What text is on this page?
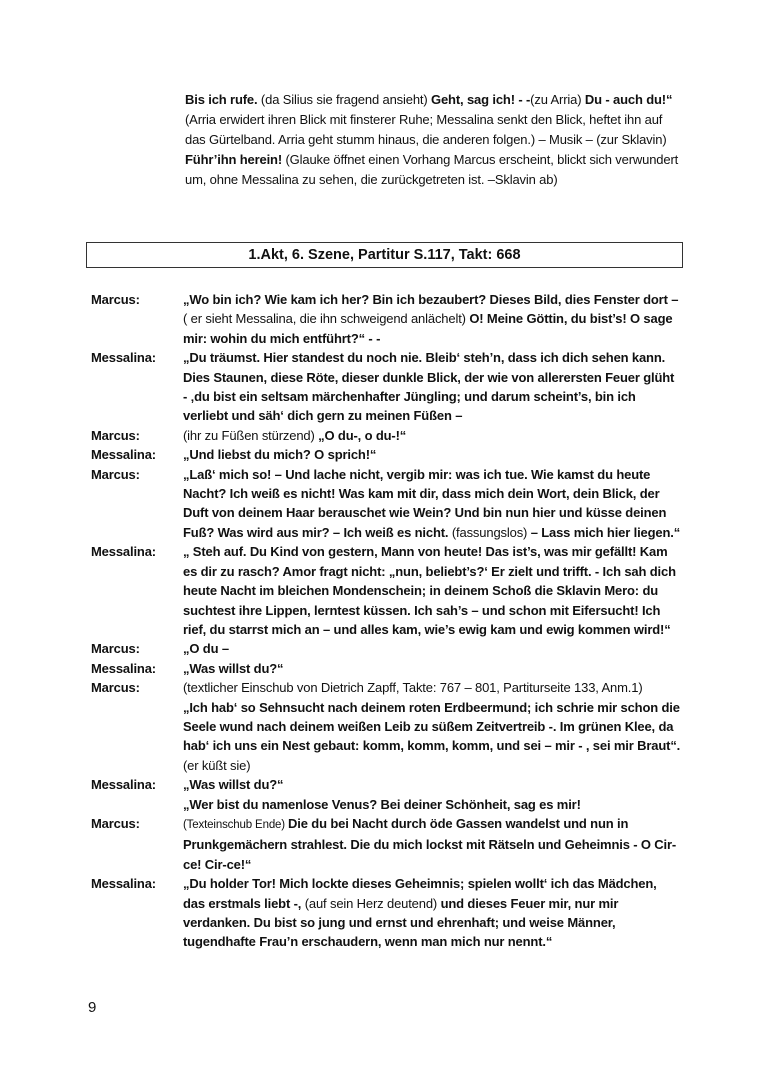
Bis ich rufe. (da Silius sie fragend ansieht) Geht, sag ich! - -(zu Arria) Du - auch du!“ (Arria erwidert ihren Blick mit finsterer Ruhe; Messalina senkt den Blick, heftet ihn auf das Gürtelband. Arria geht stumm hinaus, die anderen folgen.) – Musik – (zur Sklavin) Führ’ihn herein! (Glauke öffnet einen Vorhang Marcus erscheint, blickt sich verwundert um, ohne Messalina zu sehen, die zurückgetreten ist. –Sklavin ab)
1.Akt, 6. Szene, Partitur S.117, Takt: 668
Marcus:	„Wo bin ich? Wie kam ich her? Bin ich bezaubert? Dieses Bild, dies Fenster dort – ( er sieht Messalina, die ihn schweigend anlächelt) O! Meine Göttin, du bist’s! O sage mir: wohin du mich entführt?“ - -
Messalina:	„Du träumst. Hier standest du noch nie. Bleib‘ steh’n, dass ich dich sehen kann. Dies Staunen, diese Röte, dieser dunkle Blick, der wie von allerersten Feuer glüht - ‚du bist ein seltsam märchenhafter Jüngling; und darum scheint’s, bin ich verliebt und säh‘ dich gern zu meinen Füßen –
Marcus:	(ihr zu Füßen stürzend) „O du-, o du-!“
Messalina:	„Und liebst du mich? O sprich!“
Marcus:	„Laß‘ mich so! – Und lache nicht, vergib mir: was ich tue. Wie kamst du heute Nacht? Ich weiß es nicht! Was kam mit dir, dass mich dein Wort, dein Blick, der Duft von deinem Haar berauschet wie Wein? Und bin nun hier und küsse deinen Fuß? Was wird aus mir? – Ich weiß es nicht. (fassungslos) – Lass mich hier liegen.“
Messalina:	„ Steh auf. Du Kind von gestern, Mann von heute! Das ist’s, was mir gefällt! Kam es dir zu rasch? Amor fragt nicht: „nun, beliebt’s?‘ Er zielt und trifft. - Ich sah dich heute Nacht im bleichen Mondenschein; in deinem Schoß die Sklavin Mero: du suchtest ihre Lippen, lerntest küssen. Ich sah’s – und schon mit Eifersucht! Ich rief, du starrst mich an – und alles kam, wie’s ewig kam und ewig kommen wird!“
Marcus:	„O du –
Messalina:	„Was willst du?“
Marcus:	(textlicher Einschub von Dietrich Zapff, Takte: 767 – 801, Partiturseite 133, Anm.1)
„Ich hab‘ so Sehnsucht nach deinem roten Erdbeermund; ich schrie mir schon die Seele wund nach deinem weißen Leib zu süßem Zeitvertreib -. Im grünen Klee, da hab‘ ich uns ein Nest gebaut: komm, komm, komm, und sei – mir - , sei mir Braut“. (er küßt sie)
Messalina:	„Was willst du?“
„Wer bist du namenlose Venus? Bei deiner Schönheit, sag es mir!
Marcus:	(Texteinschub Ende) Die du bei Nacht durch öde Gassen wandelst und nun in Prunkgemächern strahlest. Die du mich lockst mit Rätseln und Geheimnis - O Cir-ce! Cir-ce!“
Messalina:	„Du holder Tor! Mich lockte dieses Geheimnis; spielen wollt‘ ich das Mädchen, das erstmals liebt -, (auf sein Herz deutend) und dieses Feuer mir, nur mir verdanken. Du bist so jung und ernst und ehrenhaft; und weise Männer, tugendhafte Frau’n erschaudern, wenn man mich nur nennt.“
9
